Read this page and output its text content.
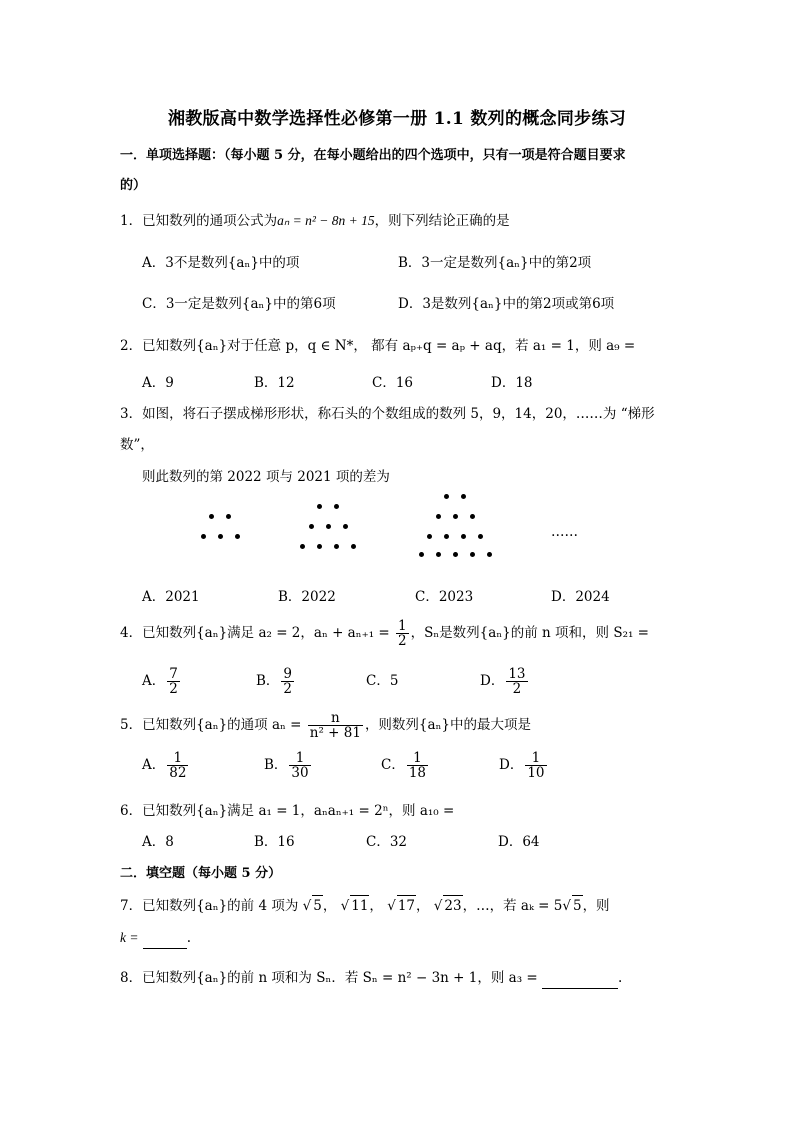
湘教版高中数学选择性必修第一册 1.1 数列的概念同步练习
一．单项选择题：（每小题 5 分，在每小题给出的四个选项中，只有一项是符合题目要求
的）
1．已知数列的通项公式为aₙ = n² − 8n + 15，则下列结论正确的是
A．3不是数列{aₙ}中的项	B．3一定是数列{aₙ}中的第2项
C．3一定是数列{aₙ}中的第6项	D．3是数列{aₙ}中的第2项或第6项
2．已知数列{aₙ}对于任意 p，q ∈ N*， 都有 aₚ₊q = aₚ + aq，若 a₁ = 1，则 a₉ =
A．9	B．12	C．16	D．18
3．如图，将石子摆成梯形形状，称石头的个数组成的数列 5，9，14，20，……为 “梯形
数”，
则此数列的第 2022 项与 2021 项的差为
……
A．2021	B．2022	C．2023	D．2024
4．已知数列{aₙ}满足 a₂ = 2，$a_n + a_{n+1} = \frac{1}{2}$ ，Sₙ是数列{aₙ}的前 n 项和，则 S₂₁ =
A． $\frac{7}{2}$	B． $\frac{9}{2}$	C．5	D． $\frac{13}{2}$
5．已知数列{aₙ}的通项 $a_n = \frac{n}{\text{n² + 81}}$ ，则数列{aₙ}中的最大项是
A． $\frac{1}{82}$	B． $\frac{1}{30}$	C． $\frac{1}{18}$	D． $\frac{1}{10}$
6．已知数列{aₙ}满足 a₁ = 1，aₙaₙ₊₁ = 2ⁿ，则 a₁₀ =
A．8	B．16	C．32	D．64
二．填空题（每小题 5 分）
7．已知数列{aₙ}的前 4 项为 √ 5， √ 11， √ 17， √ 23，…，若 aₖ = 5√ 5，则
k =	.
8．已知数列{aₙ}的前 n 项和为 Sₙ．若 Sₙ = n² − 3n + 1，则 a₃ =	.
